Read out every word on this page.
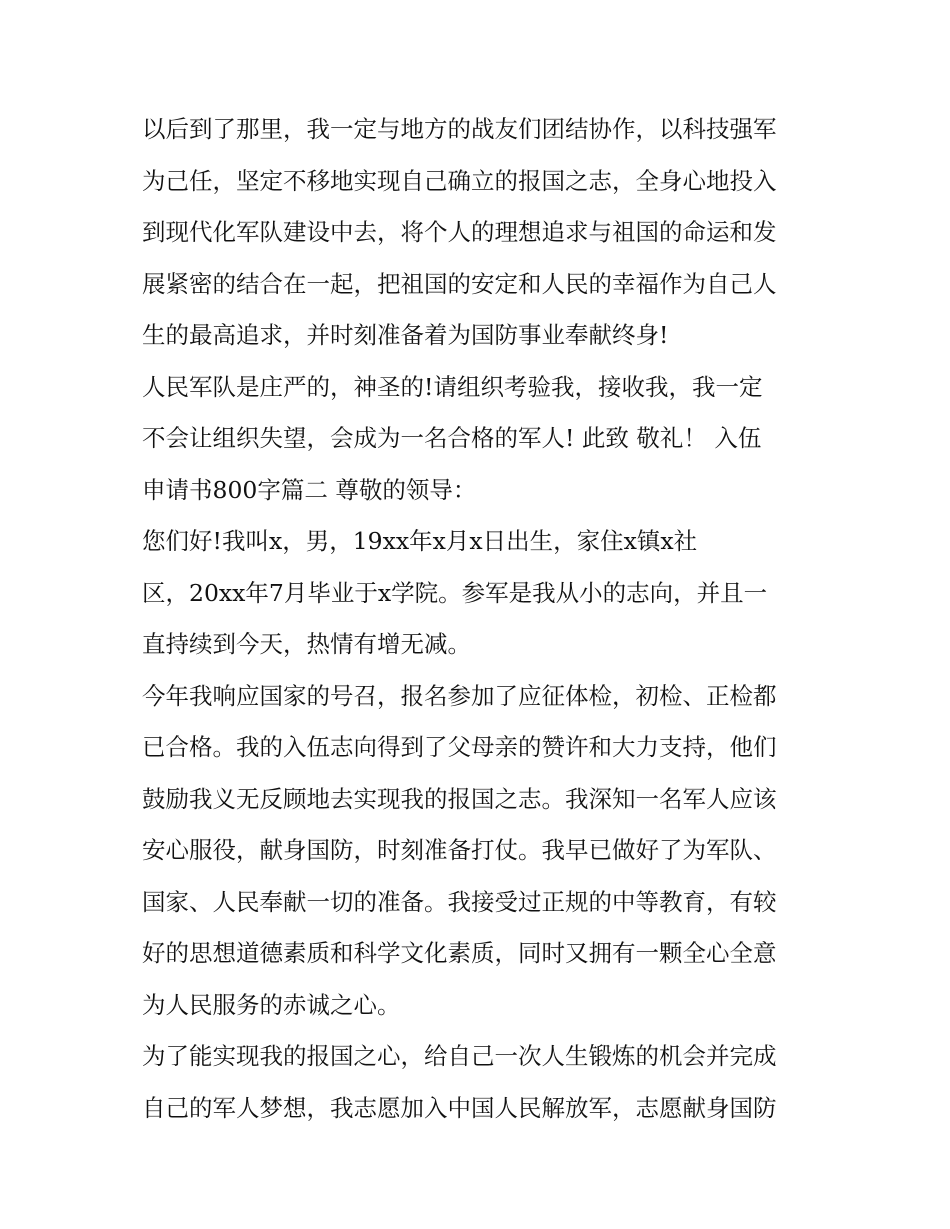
以后到了那里，我一定与地方的战友们团结协作，以科技强军
为己任，坚定不移地实现自己确立的报国之志，全身心地投入
到现代化军队建设中去，将个人的理想追求与祖国的命运和发
展紧密的结合在一起，把祖国的安定和人民的幸福作为自己人
生的最高追求，并时刻准备着为国防事业奉献终身!
人民军队是庄严的，神圣的!请组织考验我，接收我，我一定
不会让组织失望，会成为一名合格的军人! 此致 敬礼！ 入伍
申请书800字篇二 尊敬的领导：
您们好!我叫x，男，19xx年x月x日出生，家住x镇x社
区，20xx年7月毕业于x学院。参军是我从小的志向，并且一
直持续到今天，热情有增无减。
今年我响应国家的号召，报名参加了应征体检，初检、正检都
已合格。我的入伍志向得到了父母亲的赞许和大力支持，他们
鼓励我义无反顾地去实现我的报国之志。我深知一名军人应该
安心服役，献身国防，时刻准备打仗。我早已做好了为军队、
国家、人民奉献一切的准备。我接受过正规的中等教育，有较
好的思想道德素质和科学文化素质，同时又拥有一颗全心全意
为人民服务的赤诚之心。
为了能实现我的报国之心，给自己一次人生锻炼的机会并完成
自己的军人梦想，我志愿加入中国人民解放军，志愿献身国防
